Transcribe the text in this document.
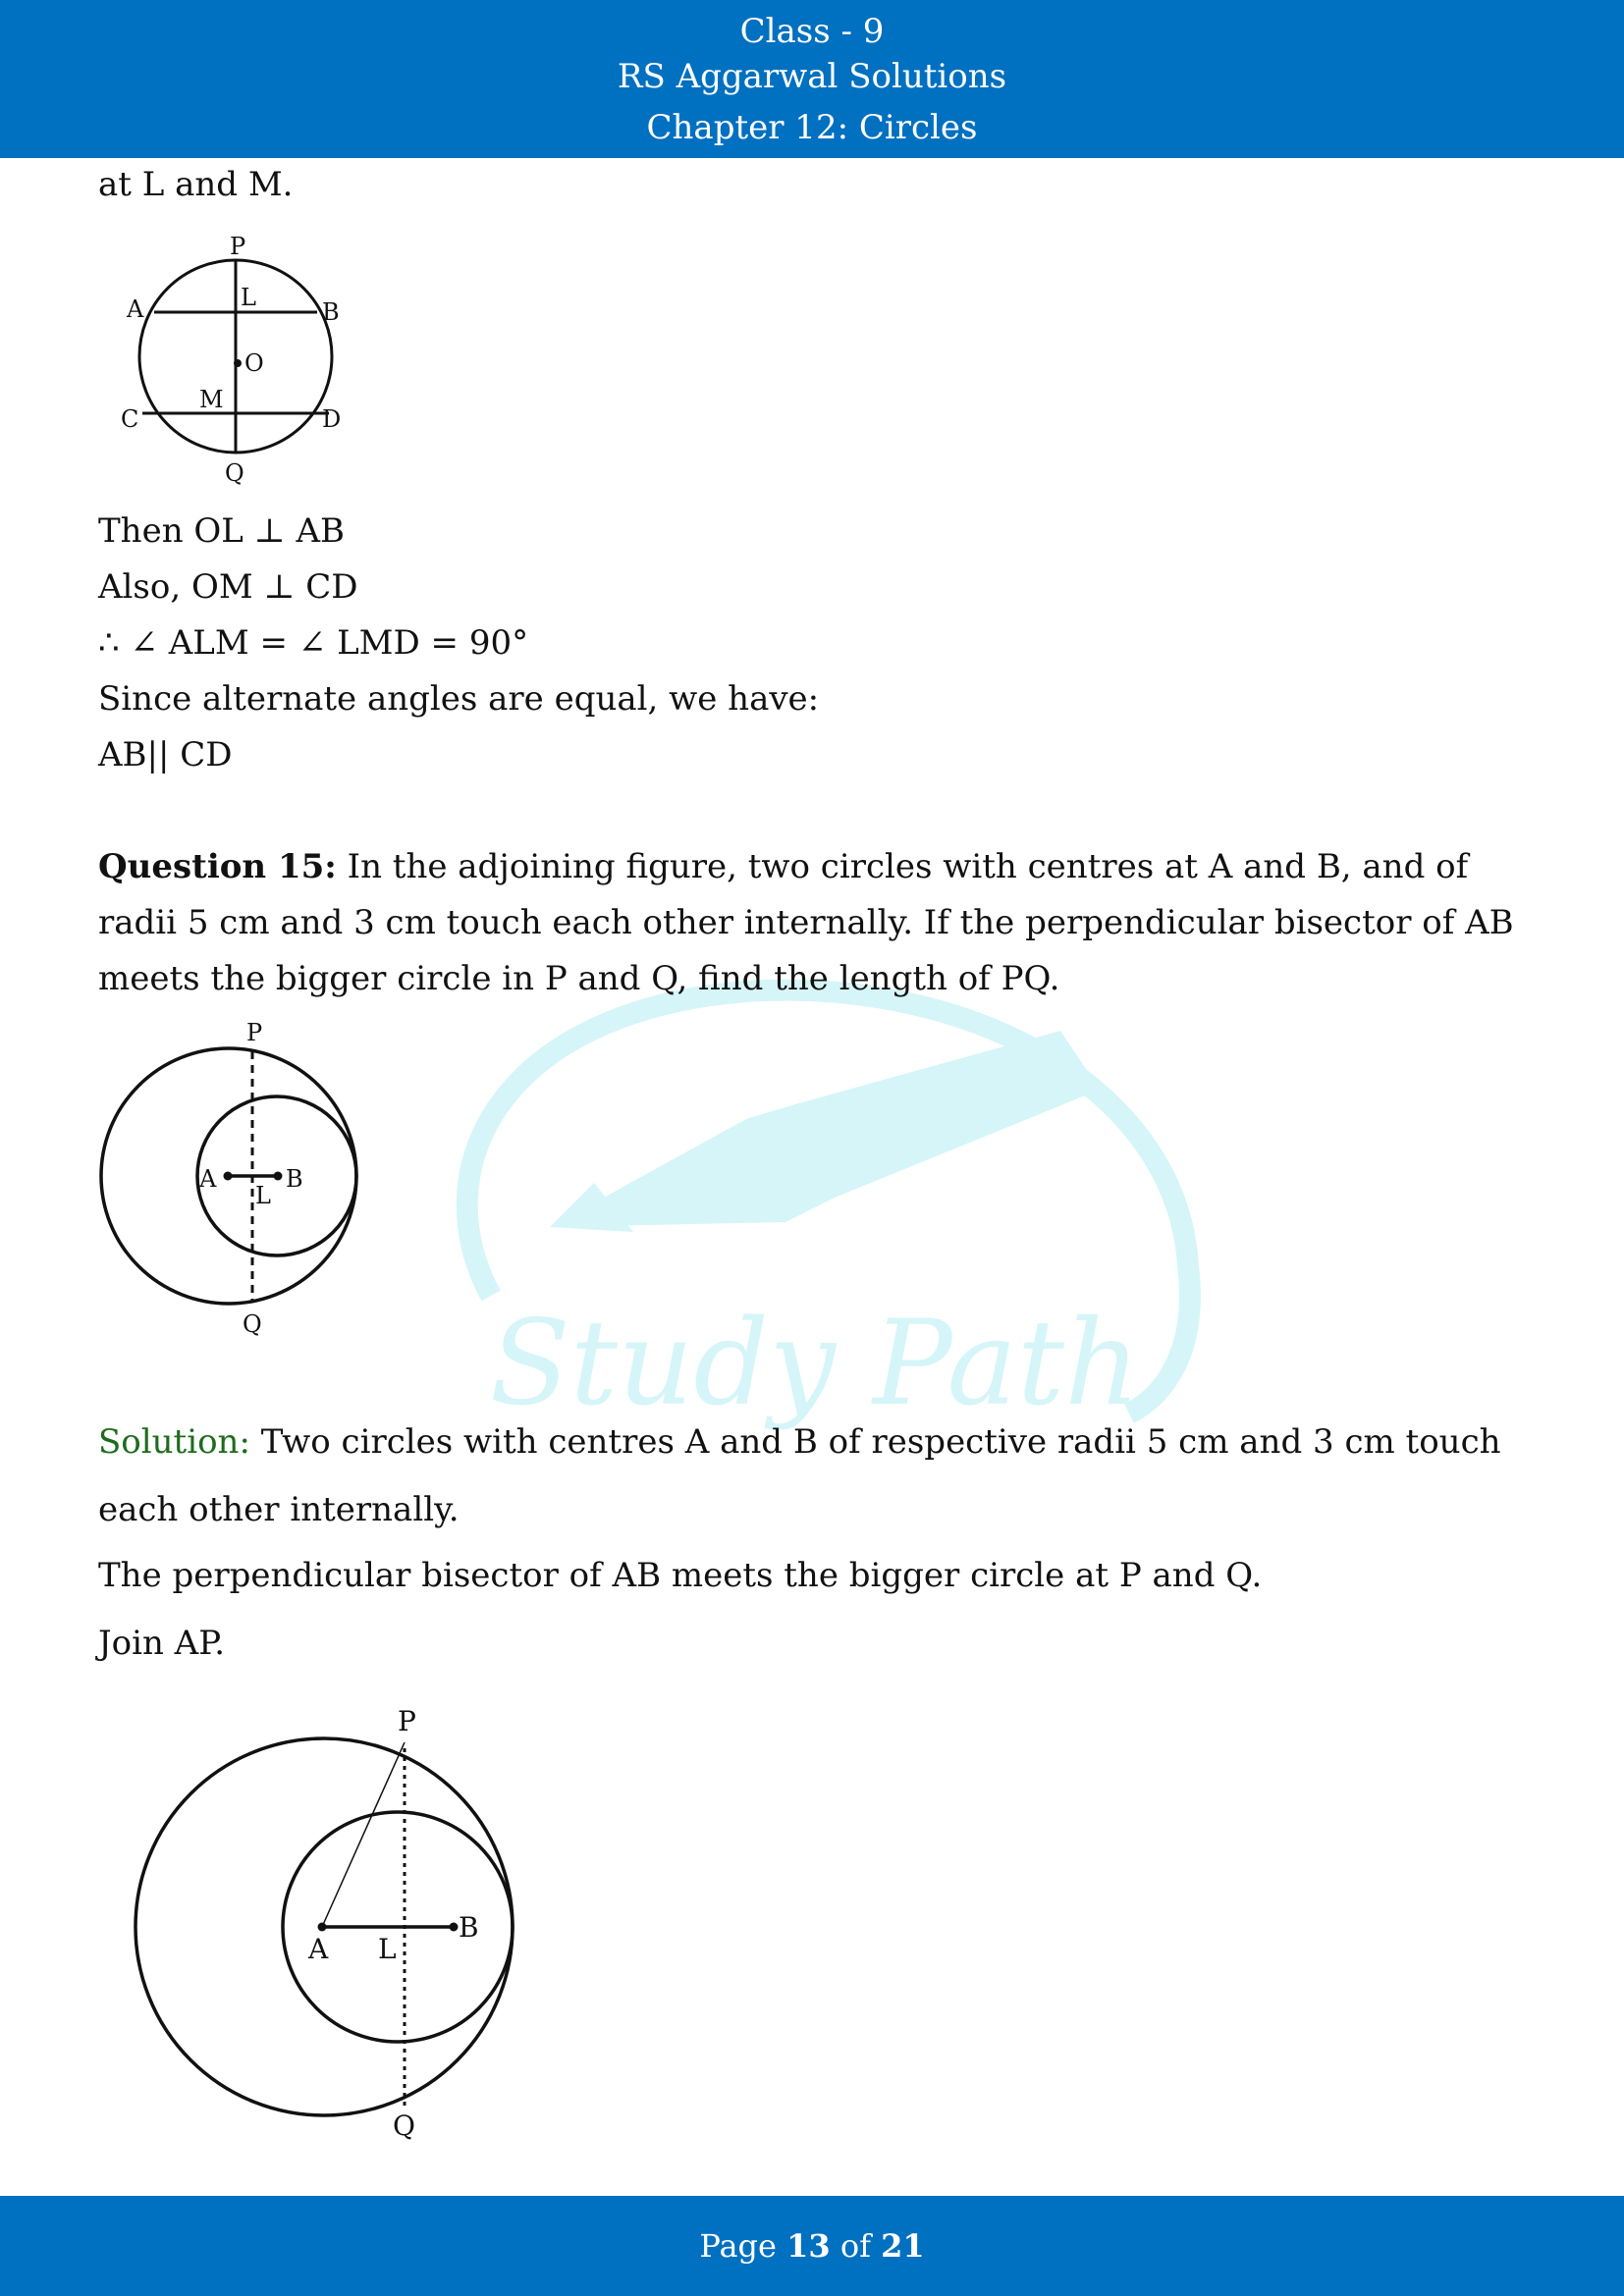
Class - 9
RS Aggarwal Solutions
Chapter 12: Circles
Study Path
at L and M.
P
L
A	B
O
M
C	D
Q
Then OL ⊥ AB
Also, OM ⊥ CD
∴ ∠ ALM = ∠ LMD = 90°
Since alternate angles are equal, we have:
AB|| CD
Question 15: In the adjoining figure, two circles with centres at A and B, and of radii 5 cm and 3 cm touch each other internally. If the perpendicular bisector of AB meets the bigger circle in P and Q, find the length of PQ.
P
A	B
L
Q
Solution: Two circles with centres A and B of respective radii 5 cm and 3 cm touch each other internally.
The perpendicular bisector of AB meets the bigger circle at P and Q.
Join AP.
P
A L
B
Q
Page 13 of 21
